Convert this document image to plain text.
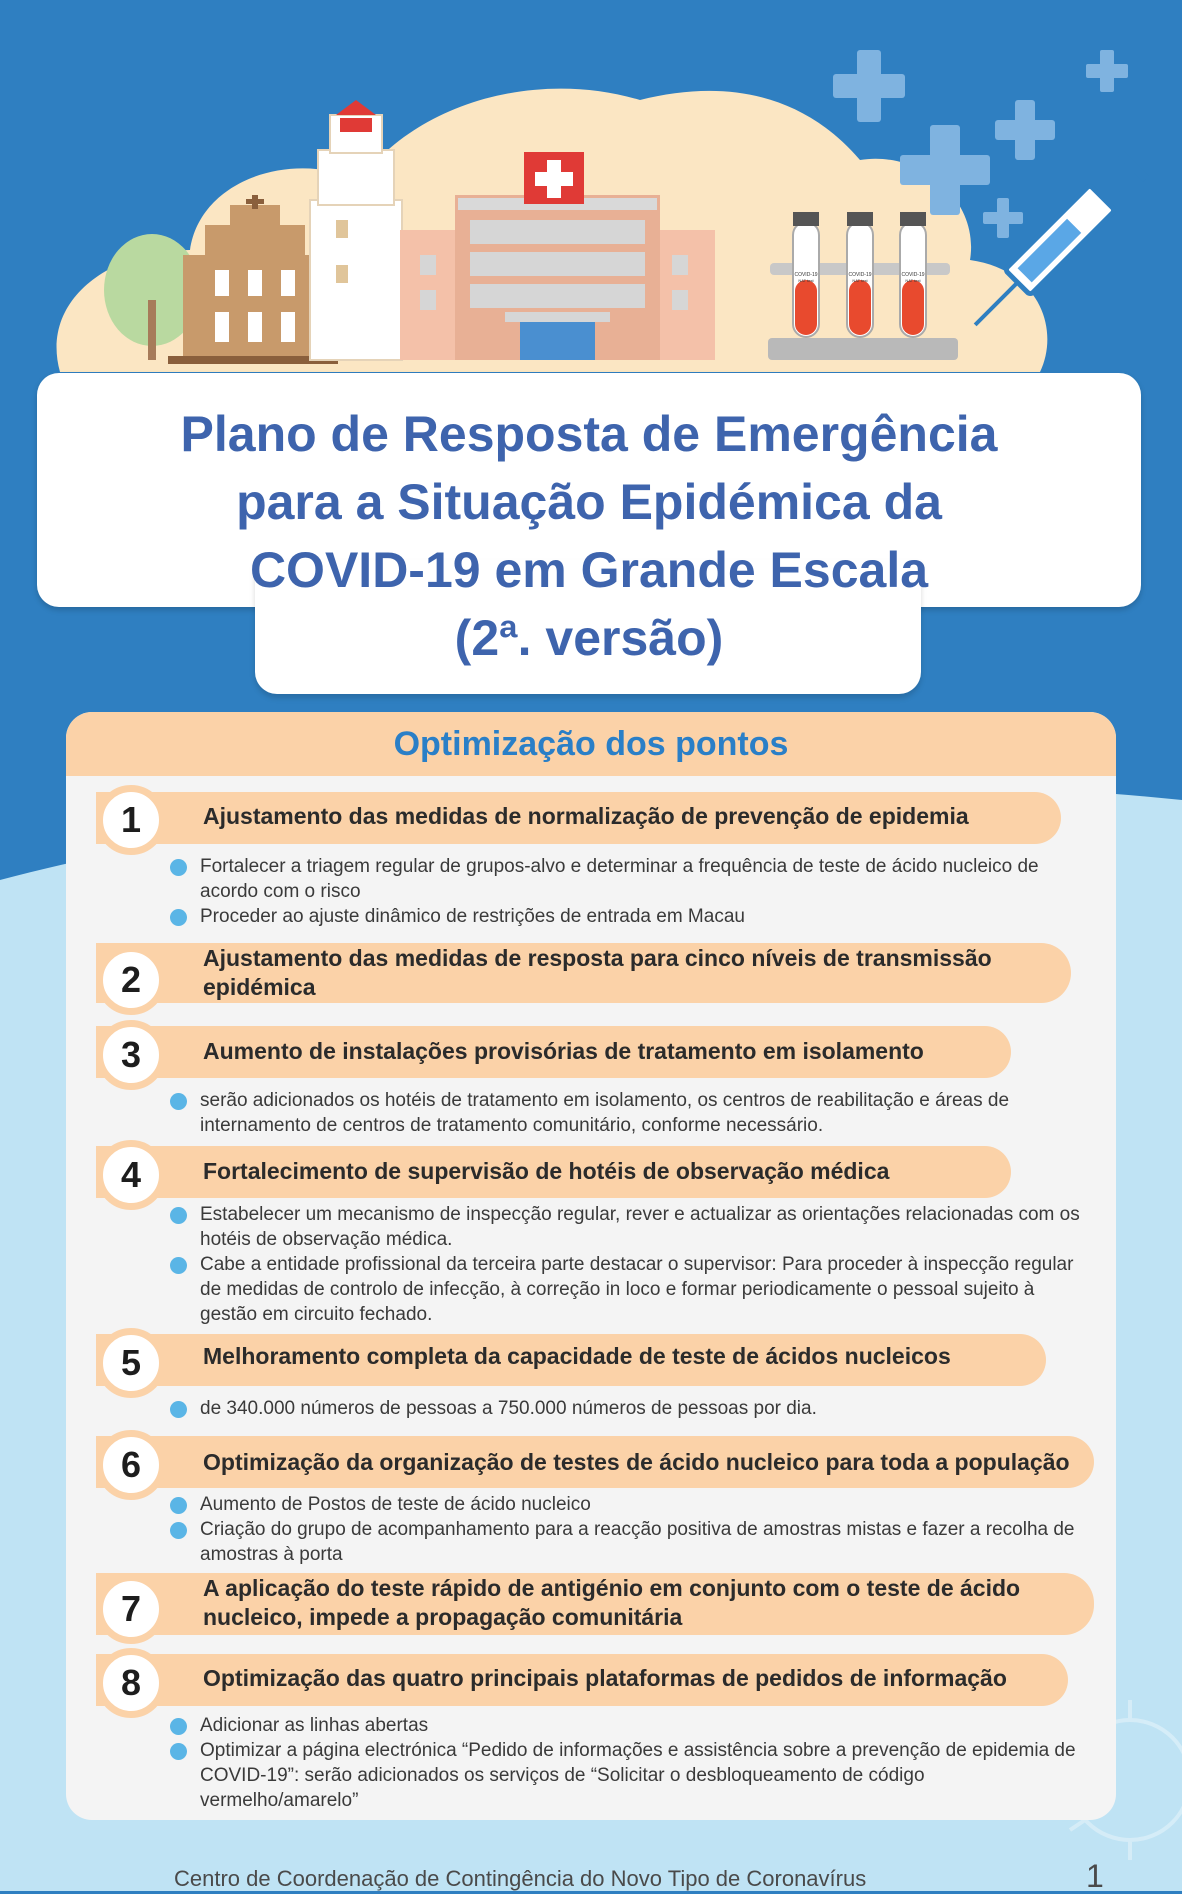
COVID-19
NAT test
COVID-19
NAT test
COVID-19
NAT test
Plano de Resposta de Emergência
para a Situação Epidémica da
COVID-19 em Grande Escala
(2ª. versão)
Optimização dos pontos
1	Ajustamento das medidas de normalização de prevenção de epidemia
Fortalecer a triagem regular de grupos-alvo e determinar a frequência de teste de ácido nucleico de acordo com o risco
Proceder ao ajuste dinâmico de restrições de entrada em Macau
2
Ajustamento das medidas de resposta para cinco níveis de transmissão epidémica
3	Aumento de instalações provisórias de tratamento em isolamento
serão adicionados os hotéis de tratamento em isolamento, os centros de reabilitação e áreas de internamento de centros de tratamento comunitário, conforme necessário.
4	Fortalecimento de supervisão de hotéis de observação médica
Estabelecer um mecanismo de inspecção regular, rever e actualizar as orientações relacionadas com os hotéis de observação médica.
Cabe a entidade profissional da terceira parte destacar o supervisor: Para proceder à inspecção regular de medidas de controlo de infecção, à correção in loco e formar periodicamente o pessoal sujeito à gestão em circuito fechado.
5	Melhoramento completa da capacidade de teste de ácidos nucleicos
de 340.000 números de pessoas a 750.000 números de pessoas por dia.
6	Optimização da organização de testes de ácido nucleico para toda a população
Aumento de Postos de teste de ácido nucleico
Criação do grupo de acompanhamento para a reacção positiva de amostras mistas e fazer a recolha de amostras à porta
7	A aplicação do teste rápido de antigénio em conjunto com o teste de ácido nucleico, impede a propagação comunitária
8	Optimização das quatro principais plataformas de pedidos de informação
Adicionar as linhas abertas
Optimizar a página electrónica “Pedido de informações e assistência sobre a prevenção de epidemia de COVID-19”: serão adicionados os serviços de “Solicitar o desbloqueamento de código vermelho/amarelo”
Centro de Coordenação de Contingência do Novo Tipo de Coronavírus	1
